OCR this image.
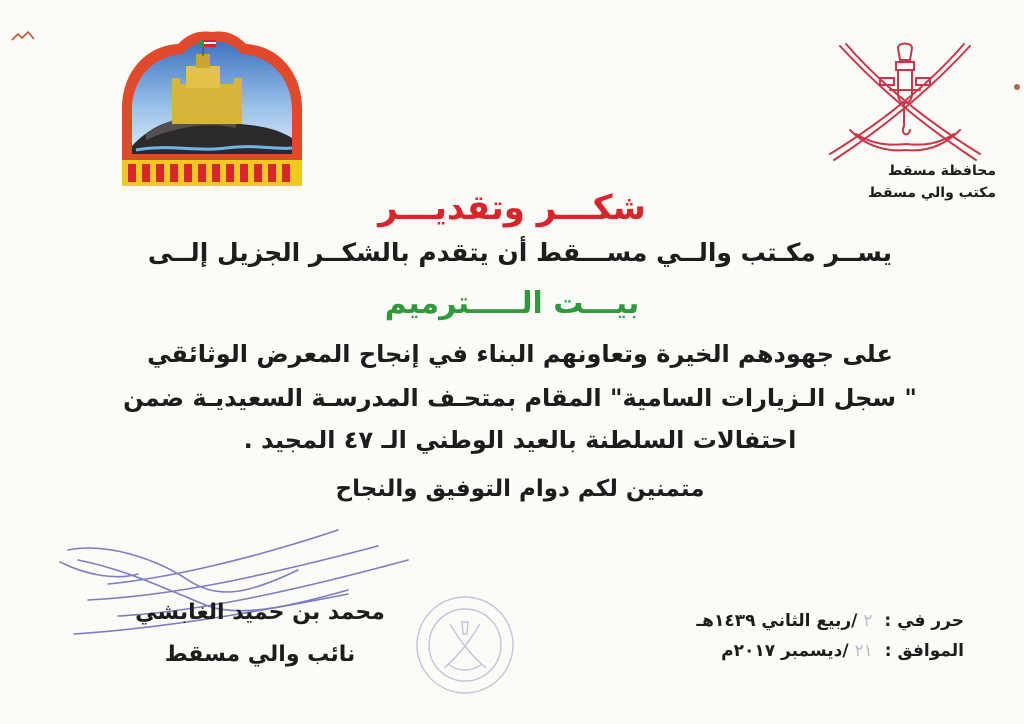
محافظة مسقط
مكتب والي مسقط
شكـــر وتقديـــر
يســر مكـتب والــي مســـقط أن يتقدم بالشكــر الجزيل إلــى
بيـــت الـــــترميم
على جهودهم الخيرة وتعاونهم البناء في إنجاح المعرض الوثائقي
" سجل الـزيارات السامية" المقام بمتحـف المدرسـة السعيديـة ضمن
احتفالات السلطنة بالعيد الوطني الـ ٤٧ المجيد .
متمنين لكم دوام التوفيق والنجاح
محمد بن حميد الغابشي
نائب والي مسقط
حرر في : ٢/ربيع الثاني ١٤٣٩هـ
الموافق : ٢١/ديسمبر ٢٠١٧م
